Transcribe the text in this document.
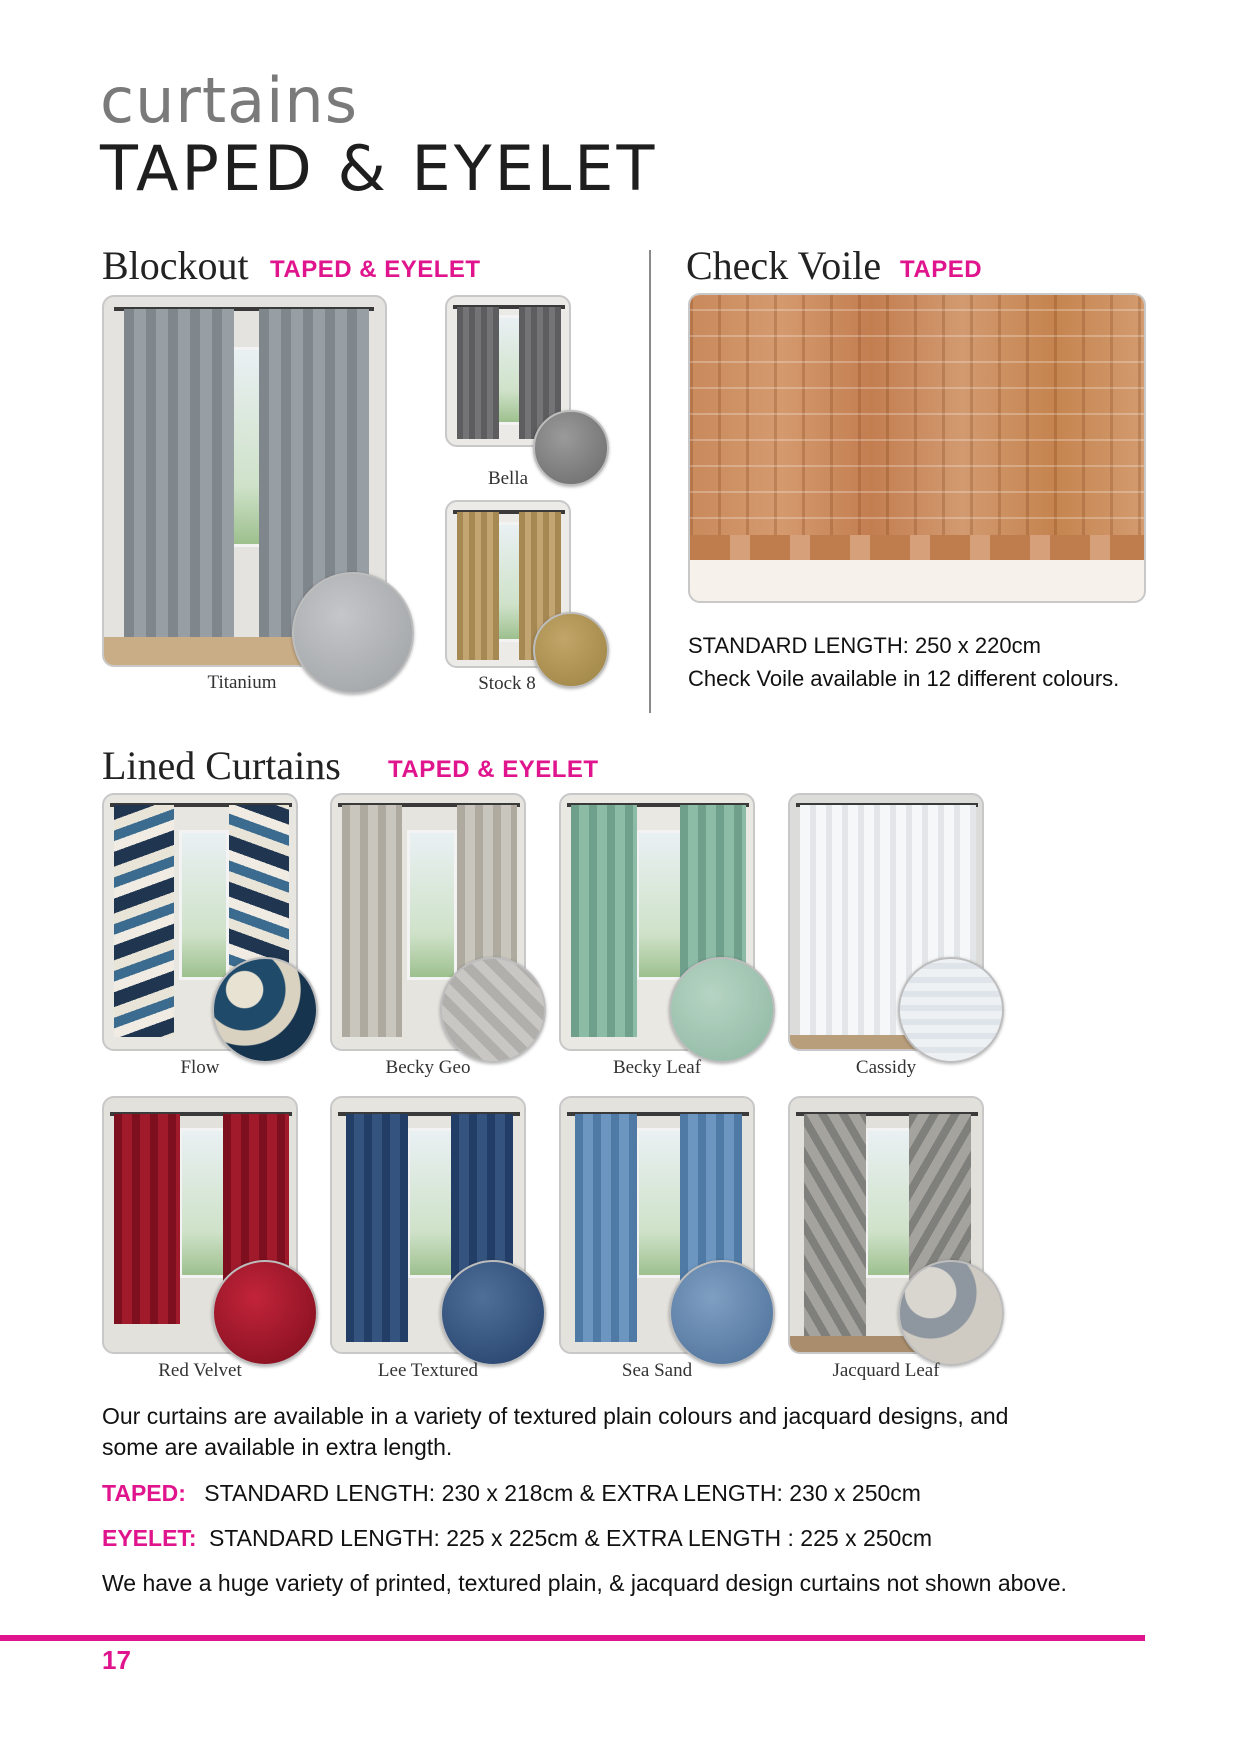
curtains
TAPED & EYELET
Blockout TAPED & EYELET
Titanium
Bella
Stock 8
Check Voile TAPED
STANDARD LENGTH: 250 x 220cm
Check Voile available in 12 different colours.
Lined Curtains TAPED & EYELET
Flow	Becky Geo	Becky Leaf	Cassidy
Red Velvet	Lee Textured	Sea Sand	Jacquard Leaf
Our curtains are available in a variety of textured plain colours and jacquard designs, and
some are available in extra length.
TAPED: STANDARD LENGTH: 230 x 218cm & EXTRA LENGTH: 230 x 250cm
EYELET: STANDARD LENGTH: 225 x 225cm & EXTRA LENGTH : 225 x 250cm
We have a huge variety of printed, textured plain, & jacquard design curtains not shown above.
17
